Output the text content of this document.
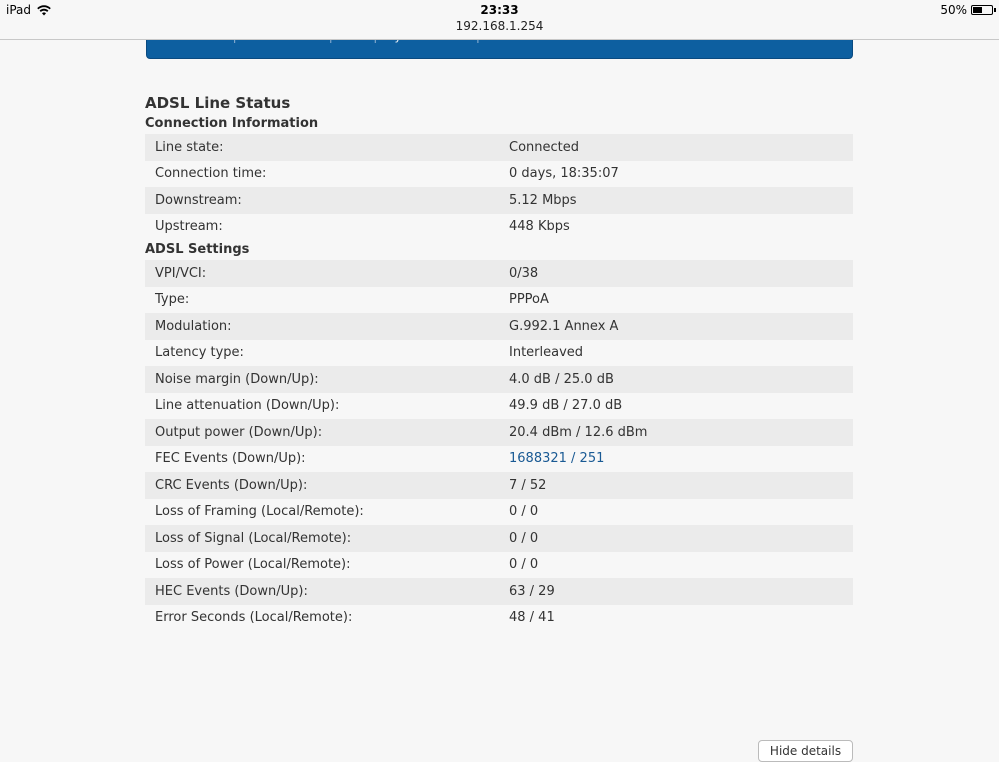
iPad	23:33
192.168.1.254
50%
ADSL Line Status
Connection Information
Line state:	Connected
Connection time:	0 days, 18:35:07
Downstream:	5.12 Mbps
Upstream:	448 Kbps
ADSL Settings
VPI/VCI:	0/38
Type:	PPPoA
Modulation:	G.992.1 Annex A
Latency type:	Interleaved
Noise margin (Down/Up):	4.0 dB / 25.0 dB
Line attenuation (Down/Up):	49.9 dB / 27.0 dB
Output power (Down/Up):	20.4 dBm / 12.6 dBm
FEC Events (Down/Up):	1688321 / 251
CRC Events (Down/Up):	7 / 52
Loss of Framing (Local/Remote):	0 / 0
Loss of Signal (Local/Remote):	0 / 0
Loss of Power (Local/Remote):	0 / 0
HEC Events (Down/Up):	63 / 29
Error Seconds (Local/Remote):	48 / 41
Hide details
